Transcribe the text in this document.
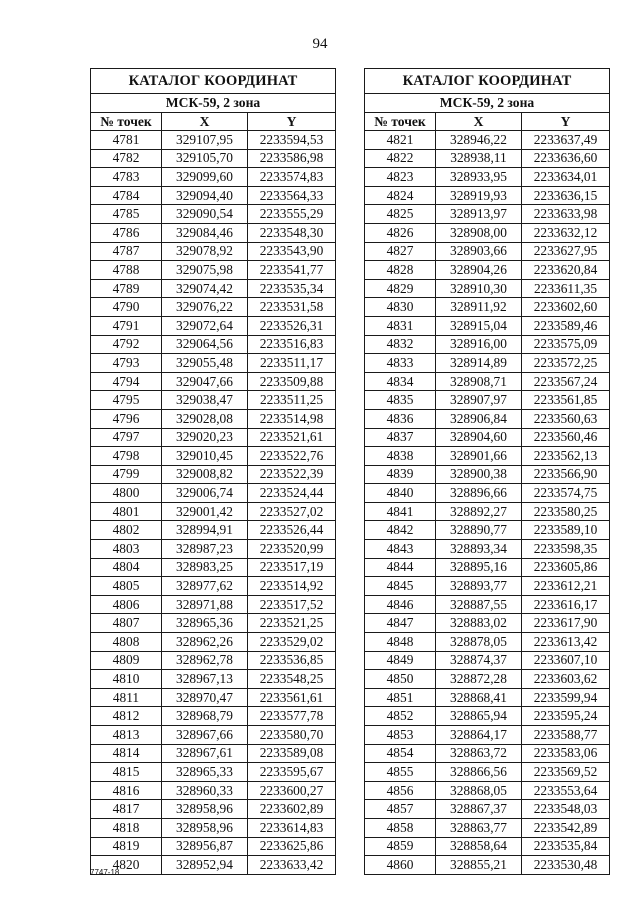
94
КАТАЛОГ КООРДИНАТ		
МСК-59, 2 зона		
№ точек	X	Y
4781	329107,95	2233594,53
4782	329105,70	2233586,98
4783	329099,60	2233574,83
4784	329094,40	2233564,33
4785	329090,54	2233555,29
4786	329084,46	2233548,30
4787	329078,92	2233543,90
4788	329075,98	2233541,77
4789	329074,42	2233535,34
4790	329076,22	2233531,58
4791	329072,64	2233526,31
4792	329064,56	2233516,83
4793	329055,48	2233511,17
4794	329047,66	2233509,88
4795	329038,47	2233511,25
4796	329028,08	2233514,98
4797	329020,23	2233521,61
4798	329010,45	2233522,76
4799	329008,82	2233522,39
4800	329006,74	2233524,44
4801	329001,42	2233527,02
4802	328994,91	2233526,44
4803	328987,23	2233520,99
4804	328983,25	2233517,19
4805	328977,62	2233514,92
4806	328971,88	2233517,52
4807	328965,36	2233521,25
4808	328962,26	2233529,02
4809	328962,78	2233536,85
4810	328967,13	2233548,25
4811	328970,47	2233561,61
4812	328968,79	2233577,78
4813	328967,66	2233580,70
4814	328967,61	2233589,08
4815	328965,33	2233595,67
4816	328960,33	2233600,27
4817	328958,96	2233602,89
4818	328958,96	2233614,83
4819	328956,87	2233625,86
4820	328952,94	2233633,42
КАТАЛОГ КООРДИНАТ		
МСК-59, 2 зона		
№ точек	X	Y
4821	328946,22	2233637,49
4822	328938,11	2233636,60
4823	328933,95	2233634,01
4824	328919,93	2233636,15
4825	328913,97	2233633,98
4826	328908,00	2233632,12
4827	328903,66	2233627,95
4828	328904,26	2233620,84
4829	328910,30	2233611,35
4830	328911,92	2233602,60
4831	328915,04	2233589,46
4832	328916,00	2233575,09
4833	328914,89	2233572,25
4834	328908,71	2233567,24
4835	328907,97	2233561,85
4836	328906,84	2233560,63
4837	328904,60	2233560,46
4838	328901,66	2233562,13
4839	328900,38	2233566,90
4840	328896,66	2233574,75
4841	328892,27	2233580,25
4842	328890,77	2233589,10
4843	328893,34	2233598,35
4844	328895,16	2233605,86
4845	328893,77	2233612,21
4846	328887,55	2233616,17
4847	328883,02	2233617,90
4848	328878,05	2233613,42
4849	328874,37	2233607,10
4850	328872,28	2233603,62
4851	328868,41	2233599,94
4852	328865,94	2233595,24
4853	328864,17	2233588,77
4854	328863,72	2233583,06
4855	328866,56	2233569,52
4856	328868,05	2233553,64
4857	328867,37	2233548,03
4858	328863,77	2233542,89
4859	328858,64	2233535,84
4860	328855,21	2233530,48
7747-18
